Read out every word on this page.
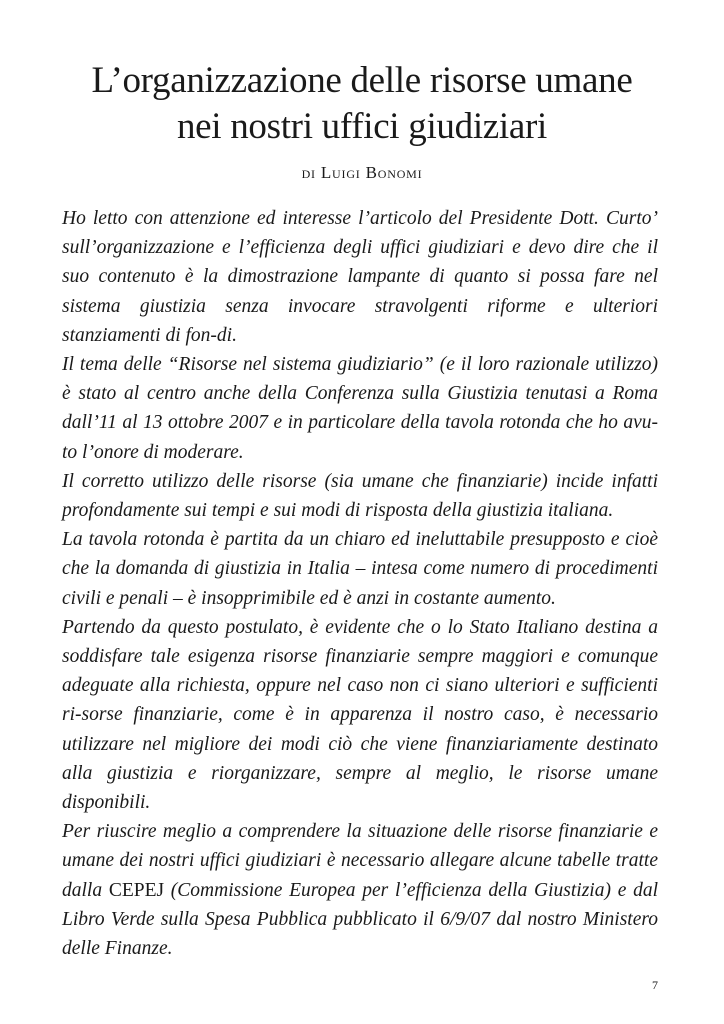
L’organizzazione delle risorse umane
nei nostri uffici giudiziari
di Luigi Bonomi

Ho letto con attenzione ed interesse l’articolo del Presidente Dott. Curto’ sull’organizzazione e l’efficienza degli uffici giudiziari e devo dire che il suo contenuto è la dimostrazione lampante di quanto si possa fare nel sistema giustizia senza invocare stravolgenti riforme e ulteriori stanziamenti di fon-di.

Il tema delle “Risorse nel sistema giudiziario” (e il loro razionale utilizzo) è stato al centro anche della Conferenza sulla Giustizia tenutasi a Roma dall’11 al 13 ottobre 2007 e in particolare della tavola rotonda che ho avu-to l’onore di moderare.

Il corretto utilizzo delle risorse (sia umane che finanziarie) incide infatti profondamente sui tempi e sui modi di risposta della giustizia italiana.

La tavola rotonda è partita da un chiaro ed ineluttabile presupposto e cioè che la domanda di giustizia in Italia – intesa come numero di procedimenti civili e penali – è insopprimibile ed è anzi in costante aumento.

Partendo da questo postulato, è evidente che o lo Stato Italiano destina a soddisfare tale esigenza risorse finanziarie sempre maggiori e comunque adeguate alla richiesta, oppure nel caso non ci siano ulteriori e sufficienti ri-sorse finanziarie, come è in apparenza il nostro caso, è necessario utilizzare nel migliore dei modi ciò che viene finanziariamente destinato alla giustizia e riorganizzare, sempre al meglio, le risorse umane disponibili.

Per riuscire meglio a comprendere la situazione delle risorse finanziarie e umane dei nostri uffici giudiziari è necessario allegare alcune tabelle tratte dalla CEPEJ (Commissione Europea per l’efficienza della Giustizia) e dal Libro Verde sulla Spesa Pubblica pubblicato il 6/9/07 dal nostro Ministero delle Finanze.

7
